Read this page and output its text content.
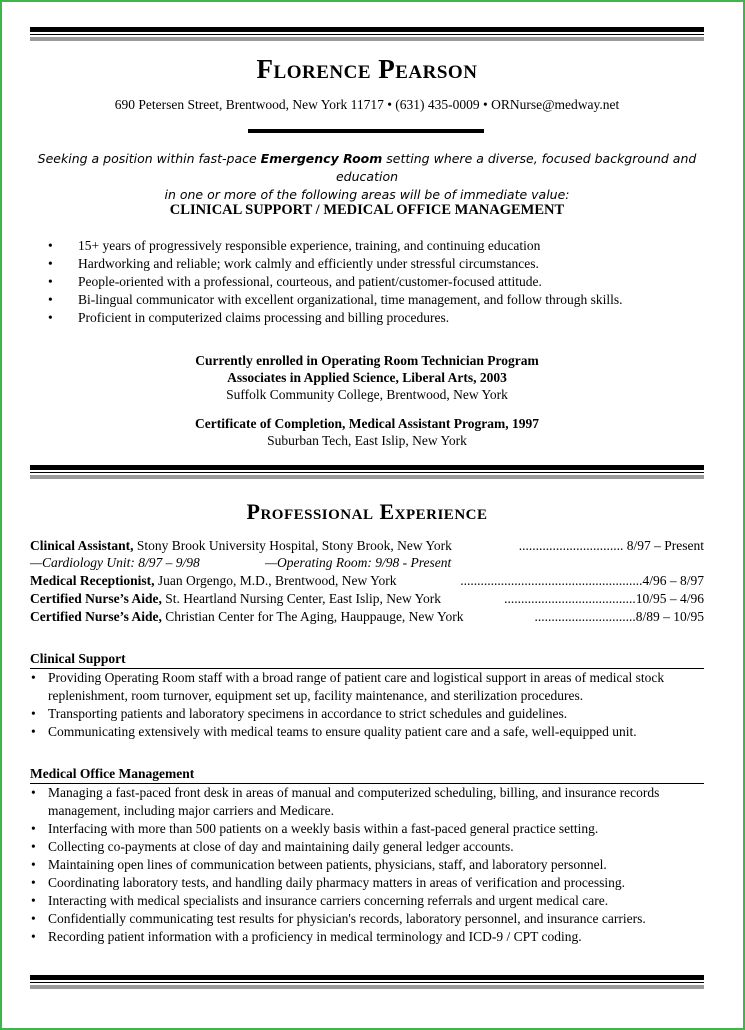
Florence Pearson
690 Petersen Street, Brentwood, New York 11717 • (631) 435-0009 • ORNurse@medway.net
Seeking a position within fast-pace Emergency Room setting where a diverse, focused background and education
in one or more of the following areas will be of immediate value:
CLINICAL SUPPORT / MEDICAL OFFICE MANAGEMENT
• 15+ years of progressively responsible experience, training, and continuing education
• Hardworking and reliable; work calmly and efficiently under stressful circumstances.
• People-oriented with a professional, courteous, and patient/customer-focused attitude.
• Bi-lingual communicator with excellent organizational, time management, and follow through skills.
• Proficient in computerized claims processing and billing procedures.
Currently enrolled in Operating Room Technician Program
Associates in Applied Science, Liberal Arts, 2003
Suffolk Community College, Brentwood, New York
Certificate of Completion, Medical Assistant Program, 1997
Suburban Tech, East Islip, New York
Professional Experience
Clinical Assistant, Stony Brook University Hospital, Stony Brook, New York	............................... 8/97 – Present
—Cardiology Unit: 8/97 – 9/98	—Operating Room: 9/98 - Present
Medical Receptionist, Juan Orgengo, M.D., Brentwood, New York	......................................................4/96 – 8/97
Certified Nurse’s Aide, St. Heartland Nursing Center, East Islip, New York	.......................................10/95 – 4/96
Certified Nurse’s Aide, Christian Center for The Aging, Hauppauge, New York	..............................8/89 – 10/95
Clinical Support
• Providing Operating Room staff with a broad range of patient care and logistical support in areas of medical stock replenishment, room turnover, equipment set up, facility maintenance, and sterilization procedures.
• Transporting patients and laboratory specimens in accordance to strict schedules and guidelines.
• Communicating extensively with medical teams to ensure quality patient care and a safe, well-equipped unit.
Medical Office Management
• Managing a fast-paced front desk in areas of manual and computerized scheduling, billing, and insurance records management, including major carriers and Medicare.
• Interfacing with more than 500 patients on a weekly basis within a fast-paced general practice setting.
• Collecting co-payments at close of day and maintaining daily general ledger accounts.
• Maintaining open lines of communication between patients, physicians, staff, and laboratory personnel.
• Coordinating laboratory tests, and handling daily pharmacy matters in areas of verification and processing.
• Interacting with medical specialists and insurance carriers concerning referrals and urgent medical care.
• Confidentially communicating test results for physician's records, laboratory personnel, and insurance carriers.
• Recording patient information with a proficiency in medical terminology and ICD-9 / CPT coding.
